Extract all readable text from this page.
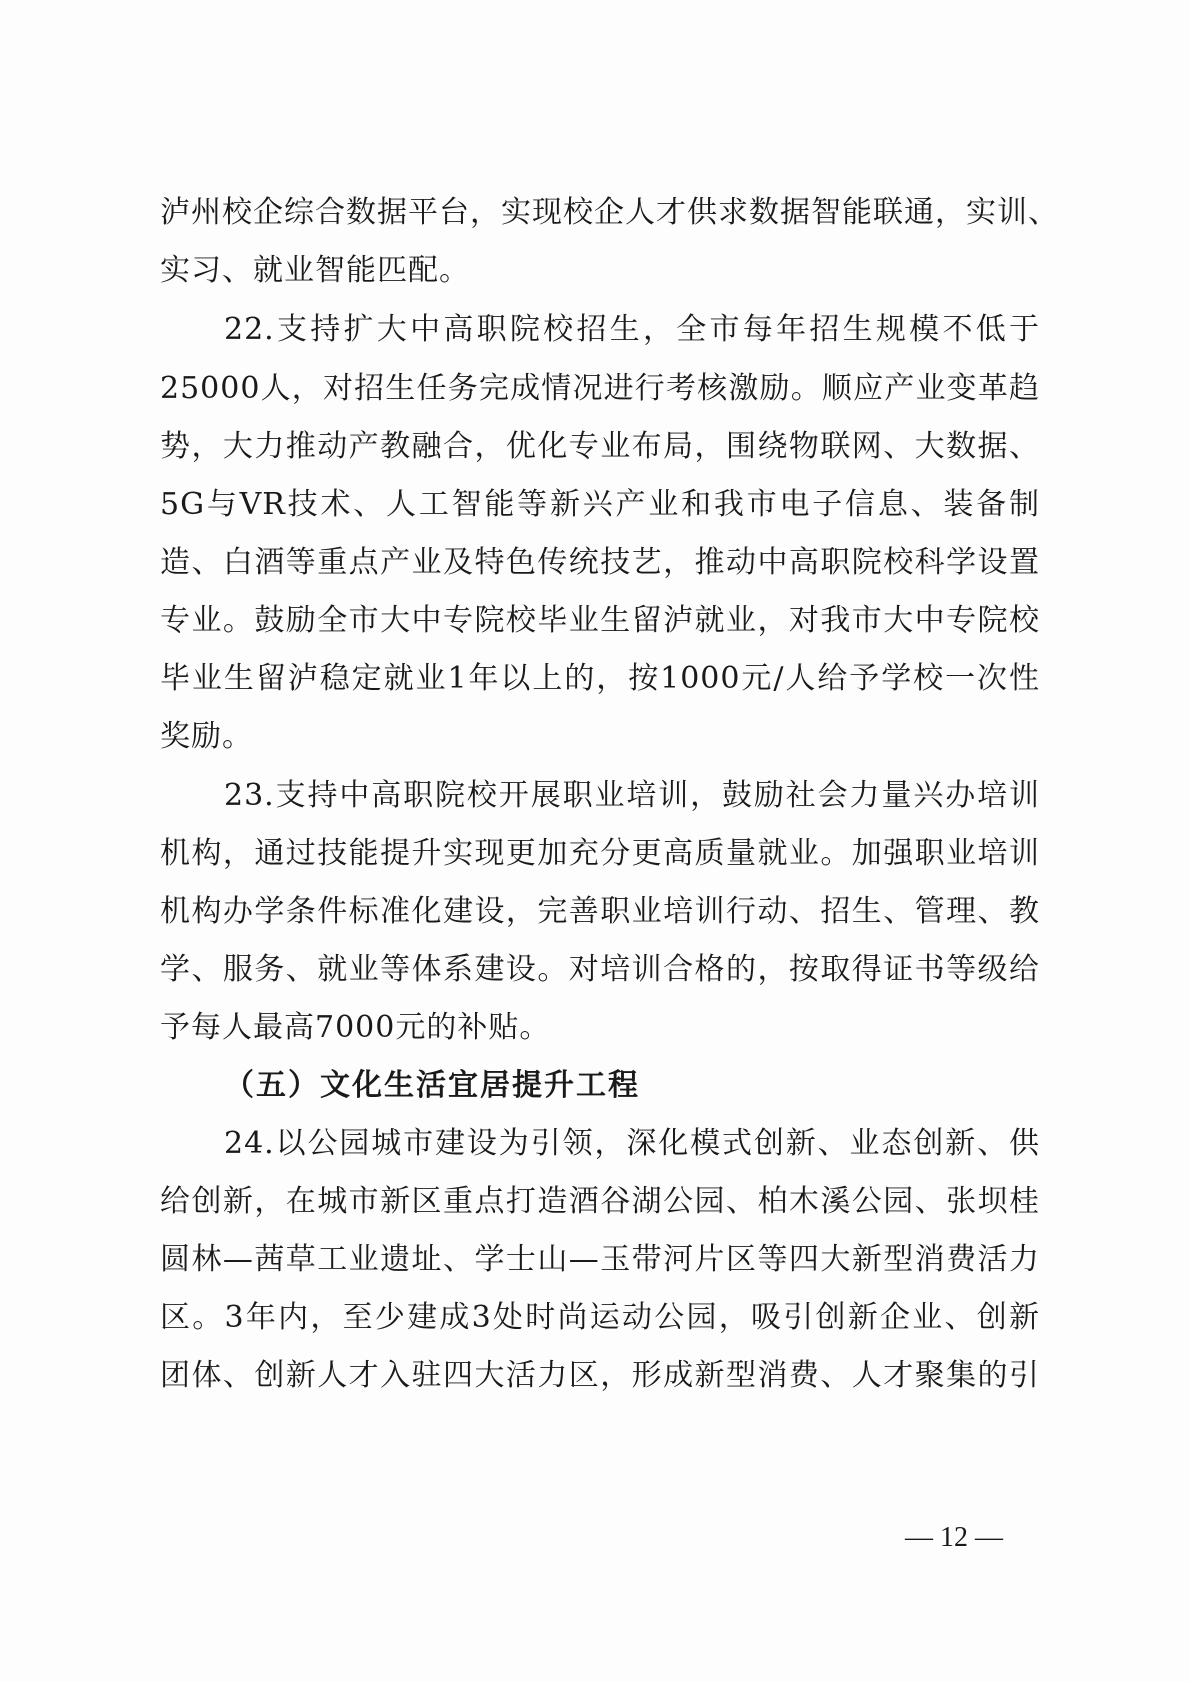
泸州校企综合数据平台，实现校企人才供求数据智能联通，实训、
实习、就业智能匹配。
22.支持扩大中高职院校招生，全市每年招生规模不低于
25000人，对招生任务完成情况进行考核激励。顺应产业变革趋
势，大力推动产教融合，优化专业布局，围绕物联网、大数据、
5G与VR技术、人工智能等新兴产业和我市电子信息、装备制
造、白酒等重点产业及特色传统技艺，推动中高职院校科学设置
专业。鼓励全市大中专院校毕业生留泸就业，对我市大中专院校
毕业生留泸稳定就业1年以上的，按1000元/人给予学校一次性
奖励。
23.支持中高职院校开展职业培训，鼓励社会力量兴办培训
机构，通过技能提升实现更加充分更高质量就业。加强职业培训
机构办学条件标准化建设，完善职业培训行动、招生、管理、教
学、服务、就业等体系建设。对培训合格的，按取得证书等级给
予每人最高7000元的补贴。
（五）文化生活宜居提升工程
24.以公园城市建设为引领，深化模式创新、业态创新、供
给创新，在城市新区重点打造酒谷湖公园、柏木溪公园、张坝桂
圆林—茜草工业遗址、学士山—玉带河片区等四大新型消费活力
区。3年内，至少建成3处时尚运动公园，吸引创新企业、创新
团体、创新人才入驻四大活力区，形成新型消费、人才聚集的引
— 12 —
